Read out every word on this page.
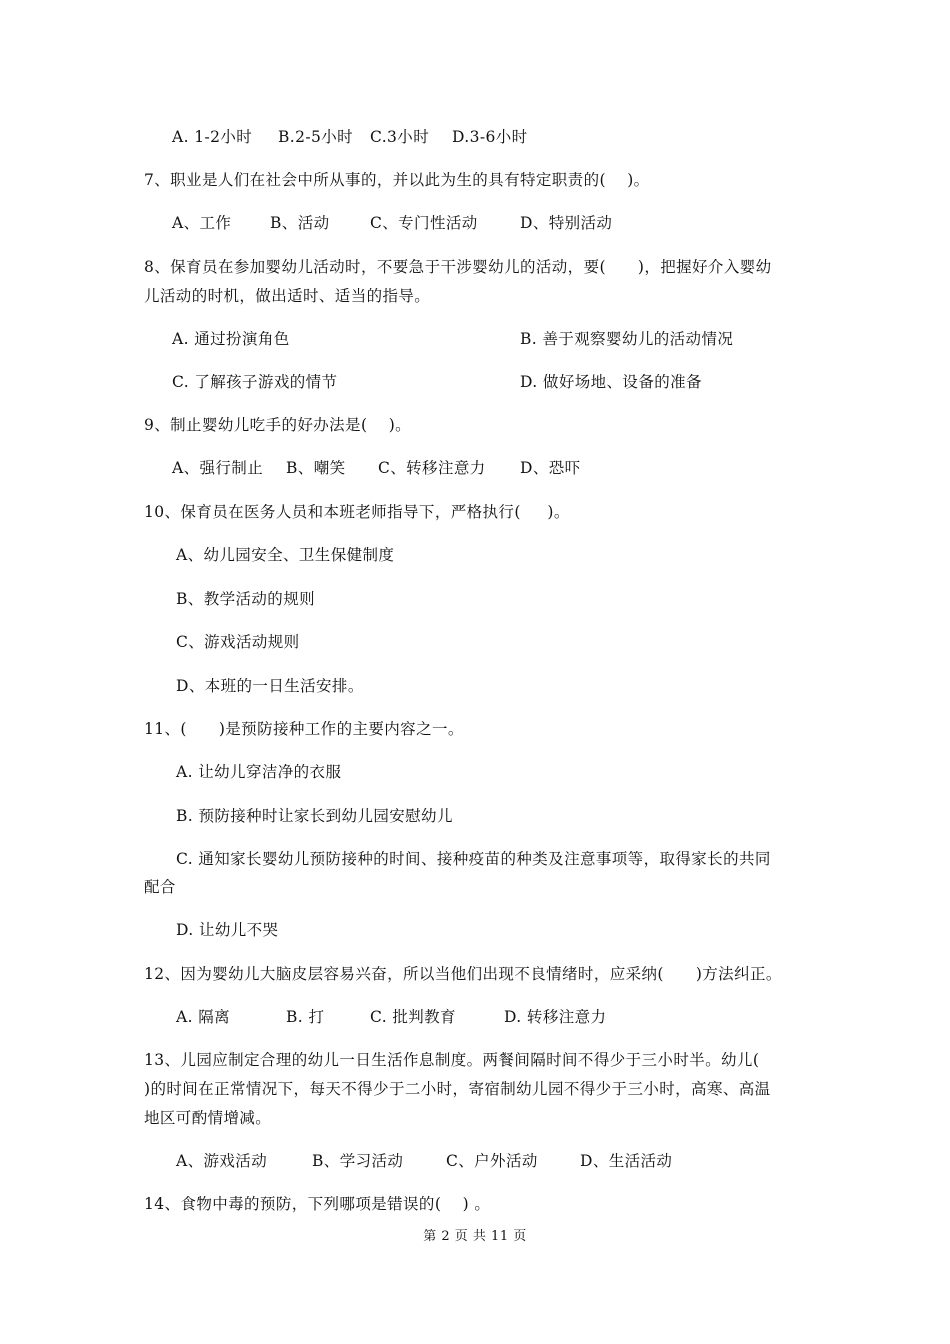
A. 1-2小时 B.2-5小时 C.3小时 D.3-6小时
7、职业是人们在社会中所从事的，并以此为生的具有特定职责的(    )。
A、工作 B、活动	C、专门性活动	D、特别活动
8、保育员在参加婴幼儿活动时，不要急于干涉婴幼儿的活动，要(      )，把握好介入婴幼
儿活动的时机，做出适时、适当的指导。
A. 通过扮演角色	B. 善于观察婴幼儿的活动情况
C. 了解孩子游戏的情节	D. 做好场地、设备的准备
9、制止婴幼儿吃手的好办法是(    )。
A、强行制止 B、嘲笑 C、转移注意力 D、恐吓
10、保育员在医务人员和本班老师指导下，严格执行(     )。
A、幼儿园安全、卫生保健制度
B、教学活动的规则
C、游戏活动规则
D、本班的一日生活安排。
11、(      )是预防接种工作的主要内容之一。
A. 让幼儿穿洁净的衣服
B. 预防接种时让家长到幼儿园安慰幼儿
C. 通知家长婴幼儿预防接种的时间、接种疫苗的种类及注意事项等，取得家长的共同
配合
D. 让幼儿不哭
12、因为婴幼儿大脑皮层容易兴奋，所以当他们出现不良情绪时，应采纳(      )方法纠正。
A. 隔离	B. 打	C. 批判教育	D. 转移注意力
13、儿园应制定合理的幼儿一日生活作息制度。两餐间隔时间不得少于三小时半。幼儿(
)的时间在正常情况下，每天不得少于二小时，寄宿制幼儿园不得少于三小时，高寒、高温
地区可酌情增减。
A、游戏活动	B、学习活动	C、户外活动	D、生活活动
14、食物中毒的预防，下列哪项是错误的(    ) 。
第 2 页 共 11 页
